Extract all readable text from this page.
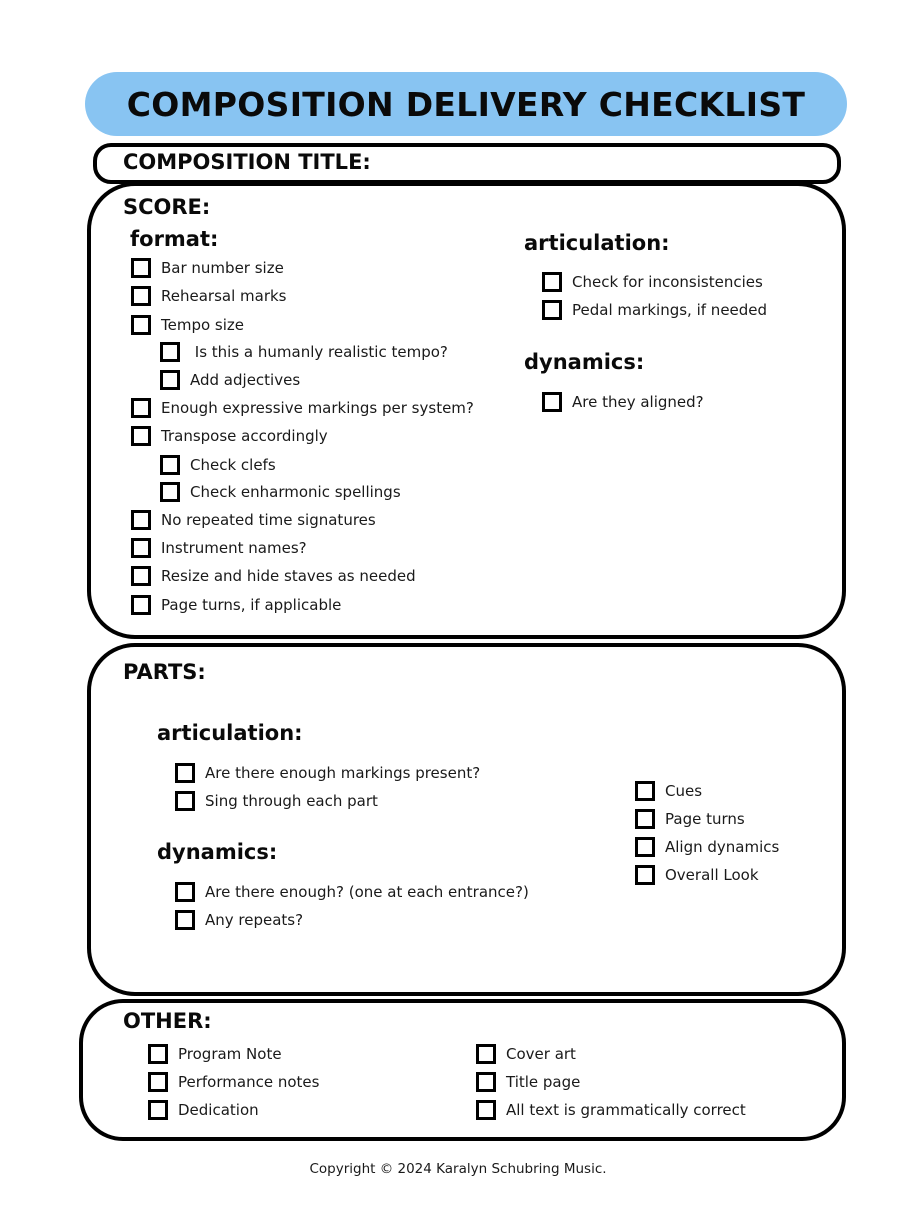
COMPOSITION DELIVERY CHECKLIST
COMPOSITION TITLE:
SCORE:
format:
Bar number size
Rehearsal marks
Tempo size
Is this a humanly realistic tempo?
Add adjectives
Enough expressive markings per system?
Transpose accordingly
Check clefs
Check enharmonic spellings
No repeated time signatures
Instrument names?
Resize and hide staves as needed
Page turns, if applicable
articulation:
Check for inconsistencies
Pedal markings, if needed
dynamics:
Are they aligned?
PARTS:
articulation:
Are there enough markings present?
Sing through each part
dynamics:
Are there enough? (one at each entrance?)
Any repeats?
Cues
Page turns
Align dynamics
Overall Look
OTHER:
Program Note
Performance notes
Dedication
Cover art
Title page
All text is grammatically correct
Copyright © 2024 Karalyn Schubring Music.
